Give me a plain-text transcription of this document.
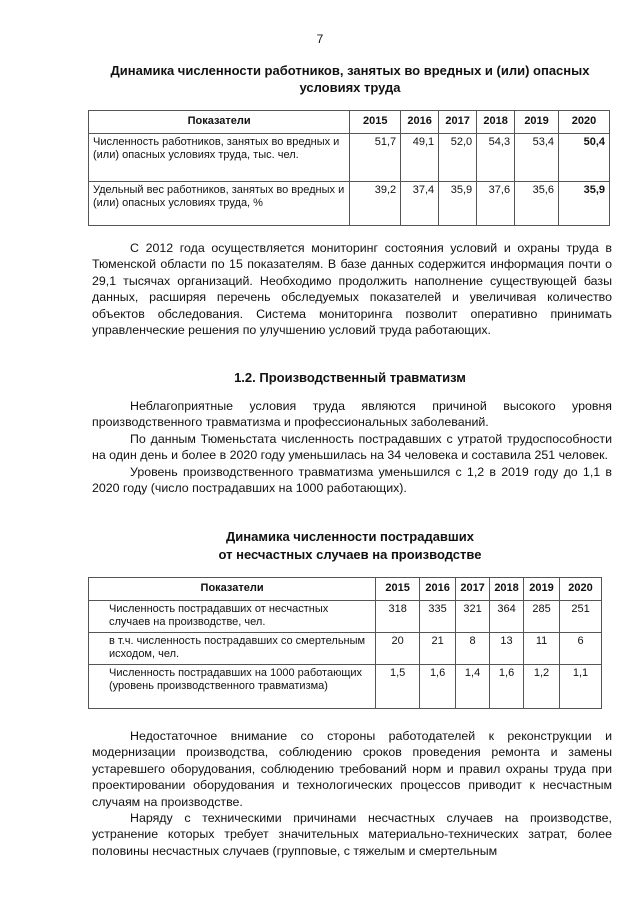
7
Динамика численности работников, занятых во вредных и (или) опасных
условиях труда
Показатели	2015	2016	2017	2018	2019	2020
Численность работников, занятых во вредных и (или) опасных условиях труда, тыс. чел.	51,7	49,1	52,0	54,3	53,4	50,4
Удельный вес работников, занятых во вредных и (или) опасных условиях труда, %	39,2	37,4	35,9	37,6	35,6	35,9

С 2012 года осуществляется мониторинг состояния условий и охраны труда в Тюменской области по 15 показателям. В базе данных содержится информация почти о 29,1 тысячах организаций. Необходимо продолжить наполнение существующей базы данных, расширяя перечень обследуемых показателей и увеличивая количество объектов обследования. Система мониторинга позволит оперативно принимать управленческие решения по улучшению условий труда работающих.

1.2. Производственный травматизм

Неблагоприятные условия труда являются причиной высокого уровня производственного травматизма и профессиональных заболеваний.

По данным Тюменьстата численность пострадавших с утратой трудоспособности на один день и более в 2020 году уменьшилась на 34 человека и составила 251 человек.

Уровень производственного травматизма уменьшился с 1,2 в 2019 году до 1,1 в 2020 году (число пострадавших на 1000 работающих).

Динамика численности пострадавших
от несчастных случаев на производстве
Показатели	2015	2016	2017	2018	2019	2020
Численность пострадавших от несчастных случаев на производстве, чел.	318	335	321	364	285	251
в т.ч. численность пострадавших со смертельным исходом, чел.	20	21	8	13	11	6
Численность пострадавших на 1000 работающих (уровень производственного травматизма)	1,5	1,6	1,4	1,6	1,2	1,1

Недостаточное внимание со стороны работодателей к реконструкции и модернизации производства, соблюдению сроков проведения ремонта и замены устаревшего оборудования, соблюдению требований норм и правил охраны труда при проектировании оборудования и технологических процессов приводит к несчастным случаям на производстве.

Наряду с техническими причинами несчастных случаев на производстве, устранение которых требует значительных материально-технических затрат, более половины несчастных случаев (групповые, с тяжелым и смертельным
